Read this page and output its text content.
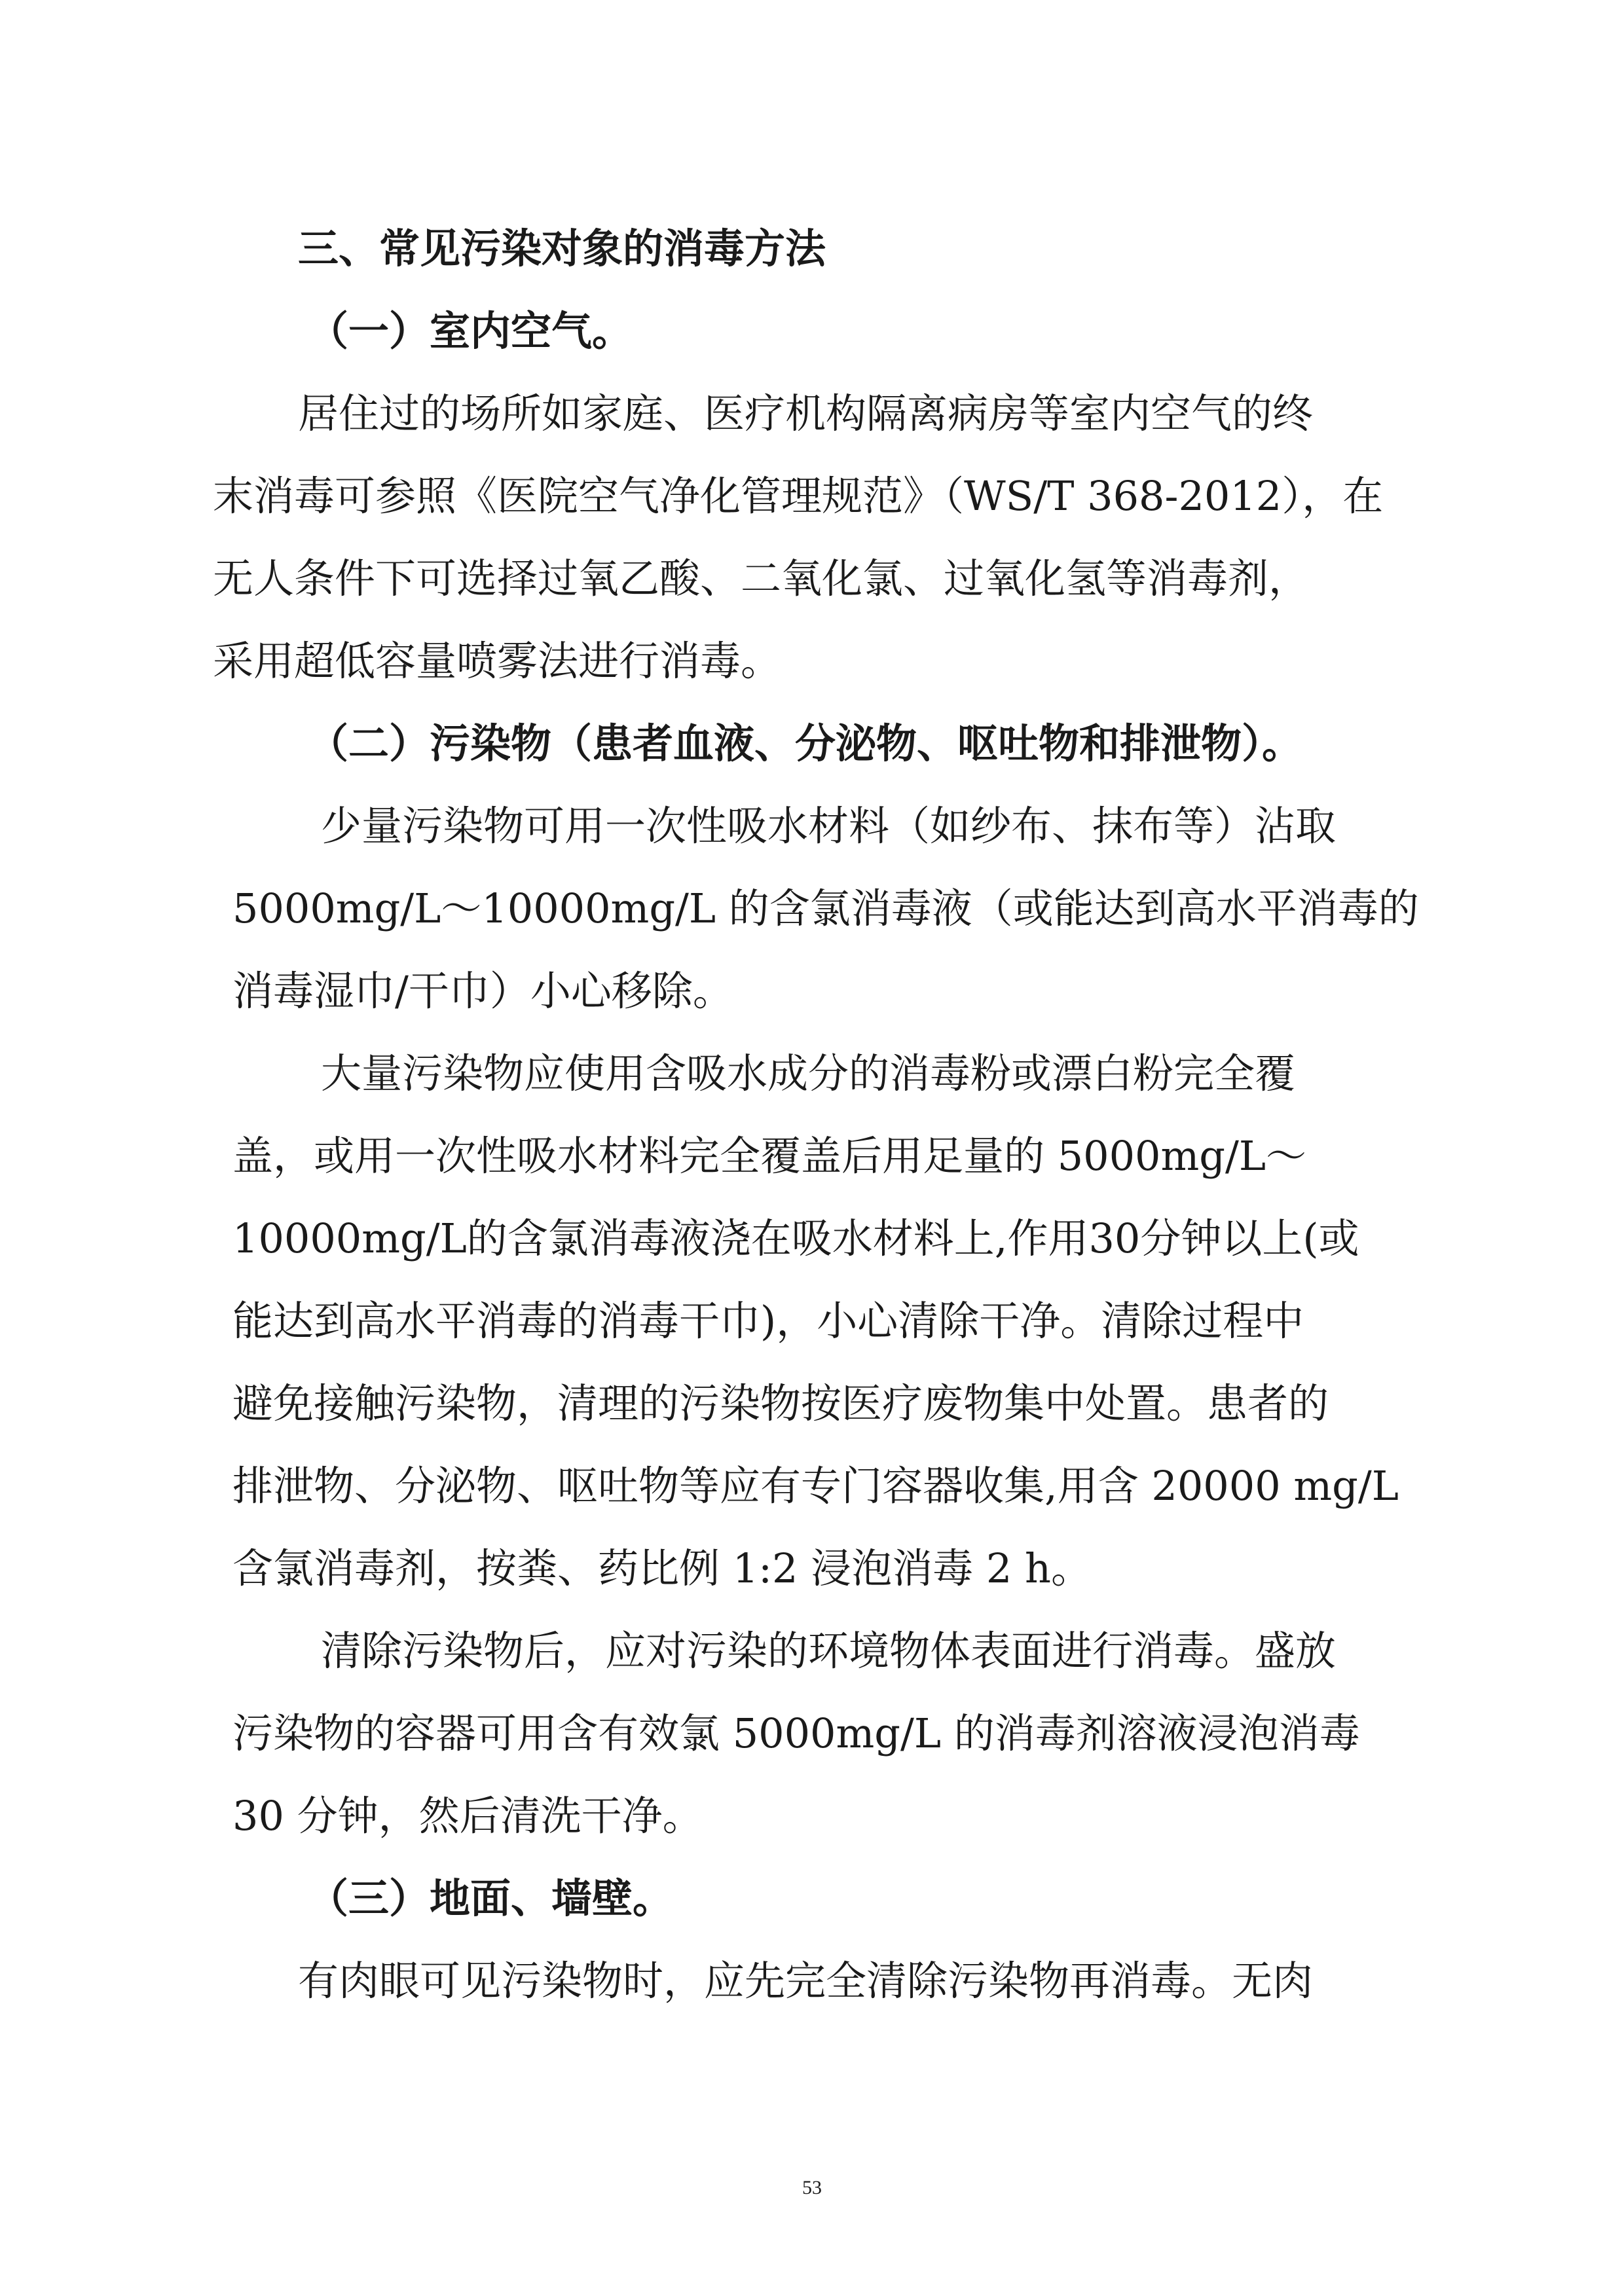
三、常见污染对象的消毒方法
（一）室内空气。
居住过的场所如家庭、医疗机构隔离病房等室内空气的终
末消毒可参照《医院空气净化管理规范》（WS/T 368-2012），在
无人条件下可选择过氧乙酸、二氧化氯、过氧化氢等消毒剂，
采用超低容量喷雾法进行消毒。
（二）污染物（患者血液、分泌物、呕吐物和排泄物）。
少量污染物可用一次性吸水材料（如纱布、抹布等）沾取
5000mg/L～10000mg/L 的含氯消毒液（或能达到高水平消毒的
消毒湿巾/干巾）小心移除。
大量污染物应使用含吸水成分的消毒粉或漂白粉完全覆
盖，或用一次性吸水材料完全覆盖后用足量的 5000mg/L～
10000mg/L的含氯消毒液浇在吸水材料上,作用30分钟以上(或
能达到高水平消毒的消毒干巾)，小心清除干净。清除过程中
避免接触污染物，清理的污染物按医疗废物集中处置。患者的
排泄物、分泌物、呕吐物等应有专门容器收集,用含 20000 mg/L
含氯消毒剂，按粪、药比例 1:2 浸泡消毒 2 h。
清除污染物后，应对污染的环境物体表面进行消毒。盛放
污染物的容器可用含有效氯 5000mg/L 的消毒剂溶液浸泡消毒
30 分钟，然后清洗干净。
（三）地面、墙壁。
有肉眼可见污染物时，应先完全清除污染物再消毒。无肉
53
